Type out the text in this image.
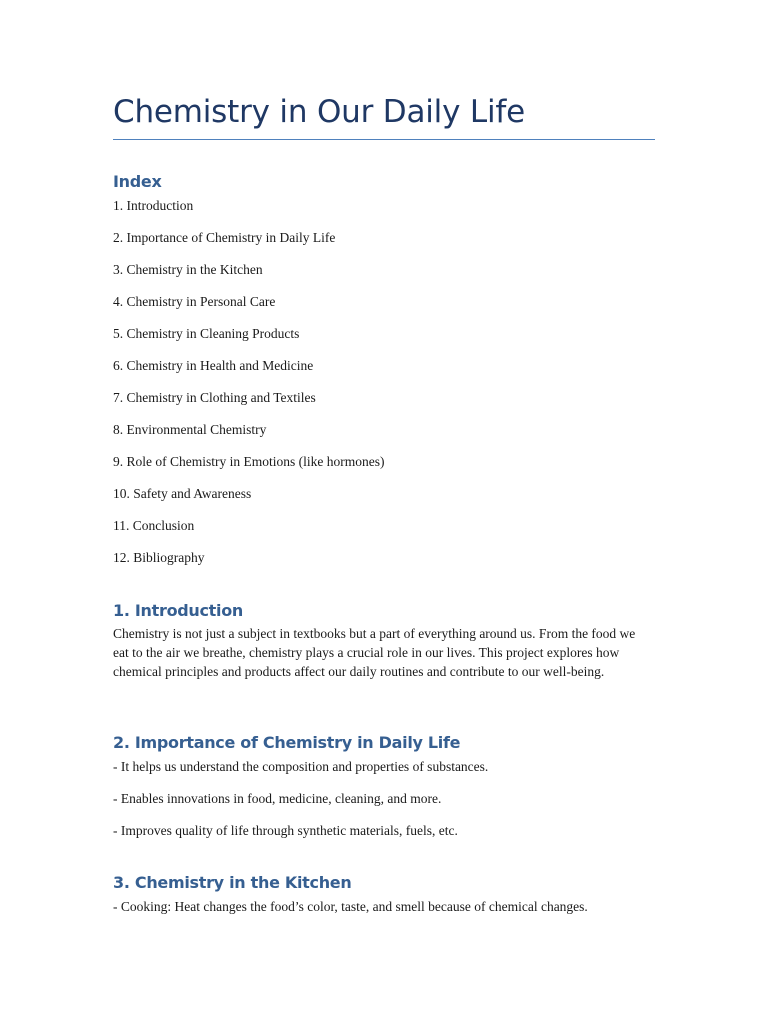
Chemistry in Our Daily Life
Index

1. Introduction

2. Importance of Chemistry in Daily Life

3. Chemistry in the Kitchen

4. Chemistry in Personal Care

5. Chemistry in Cleaning Products

6. Chemistry in Health and Medicine

7. Chemistry in Clothing and Textiles

8. Environmental Chemistry

9. Role of Chemistry in Emotions (like hormones)

10. Safety and Awareness

11. Conclusion

12. Bibliography

1. Introduction

Chemistry is not just a subject in textbooks but a part of everything around us. From the food we eat to the air we breathe, chemistry plays a crucial role in our lives. This project explores how chemical principles and products affect our daily routines and contribute to our well-being.

2. Importance of Chemistry in Daily Life

- It helps us understand the composition and properties of substances.

- Enables innovations in food, medicine, cleaning, and more.

- Improves quality of life through synthetic materials, fuels, etc.

3. Chemistry in the Kitchen

- Cooking: Heat changes the food’s color, taste, and smell because of chemical changes.
